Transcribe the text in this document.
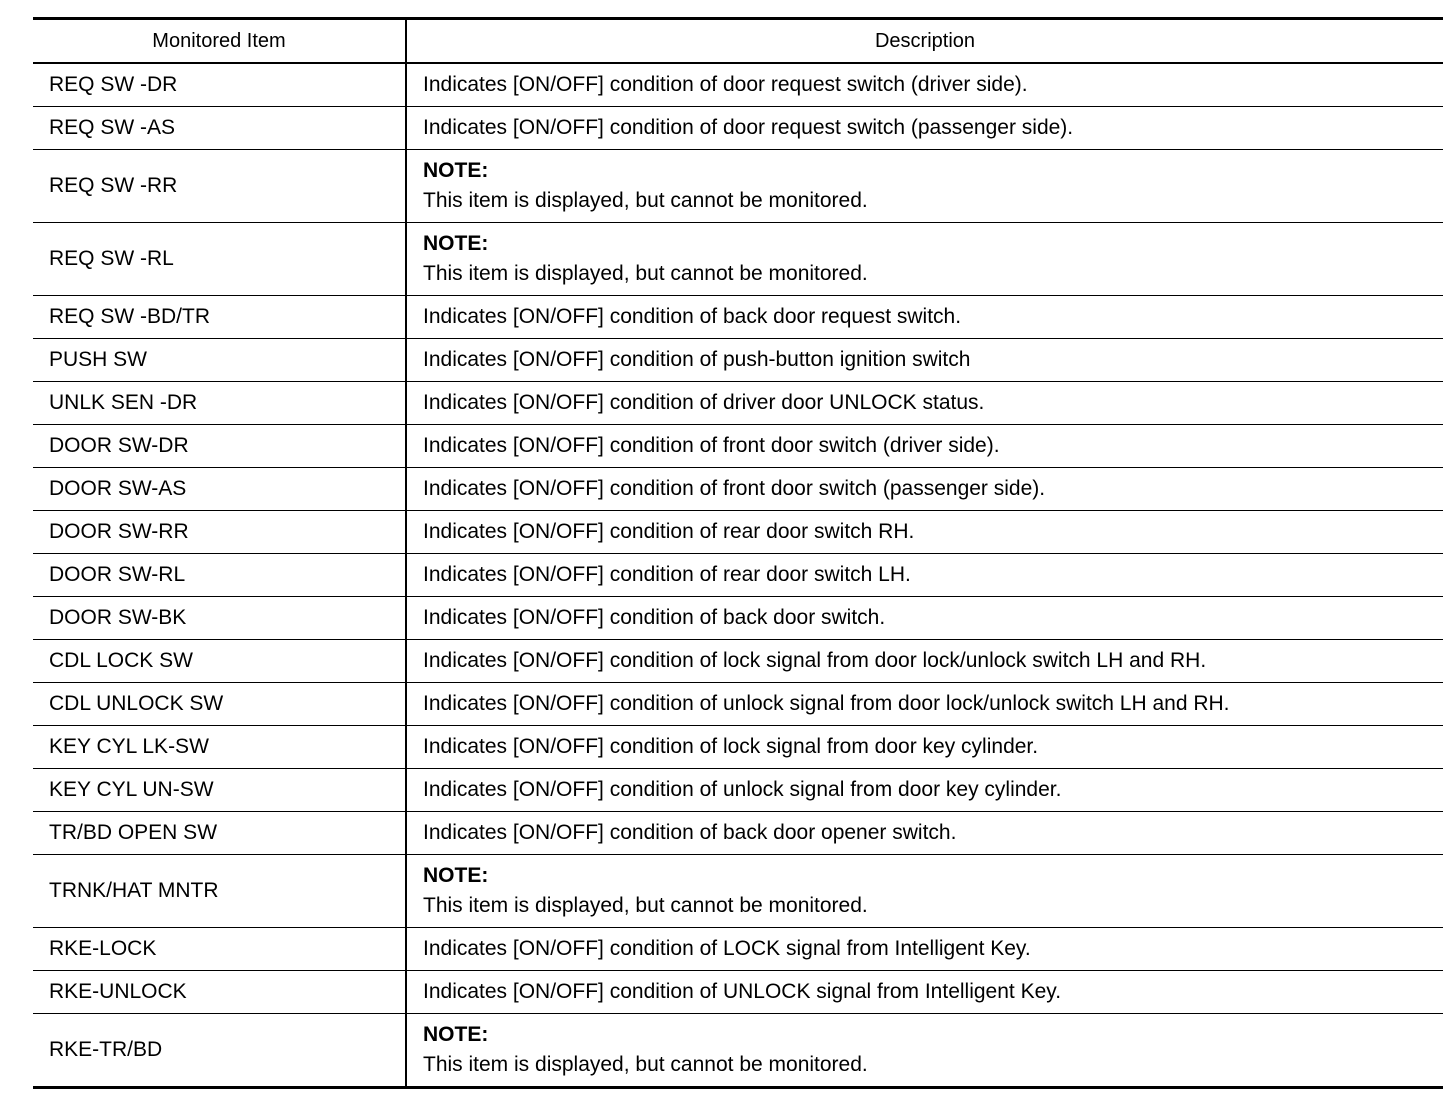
Monitored Item	Description
REQ SW -DR	Indicates [ON/OFF] condition of door request switch (driver side).

REQ SW -AS	Indicates [ON/OFF] condition of door request switch (passenger side).

REQ SW -RR	NOTE:
This item is displayed, but cannot be monitored.

REQ SW -RL	NOTE:
This item is displayed, but cannot be monitored.

REQ SW -BD/TR	Indicates [ON/OFF] condition of back door request switch.

PUSH SW	Indicates [ON/OFF] condition of push-button ignition switch

UNLK SEN -DR	Indicates [ON/OFF] condition of driver door UNLOCK status.

DOOR SW-DR	Indicates [ON/OFF] condition of front door switch (driver side).

DOOR SW-AS	Indicates [ON/OFF] condition of front door switch (passenger side).

DOOR SW-RR	Indicates [ON/OFF] condition of rear door switch RH.

DOOR SW-RL	Indicates [ON/OFF] condition of rear door switch LH.

DOOR SW-BK	Indicates [ON/OFF] condition of back door switch.

CDL LOCK SW	Indicates [ON/OFF] condition of lock signal from door lock/unlock switch LH and RH.

CDL UNLOCK SW	Indicates [ON/OFF] condition of unlock signal from door lock/unlock switch LH and RH.

KEY CYL LK-SW	Indicates [ON/OFF] condition of lock signal from door key cylinder.

KEY CYL UN-SW	Indicates [ON/OFF] condition of unlock signal from door key cylinder.

TR/BD OPEN SW	Indicates [ON/OFF] condition of back door opener switch.

TRNK/HAT MNTR	NOTE:
This item is displayed, but cannot be monitored.

RKE-LOCK	Indicates [ON/OFF] condition of LOCK signal from Intelligent Key.

RKE-UNLOCK	Indicates [ON/OFF] condition of UNLOCK signal from Intelligent Key.

RKE-TR/BD	NOTE:
This item is displayed, but cannot be monitored.
